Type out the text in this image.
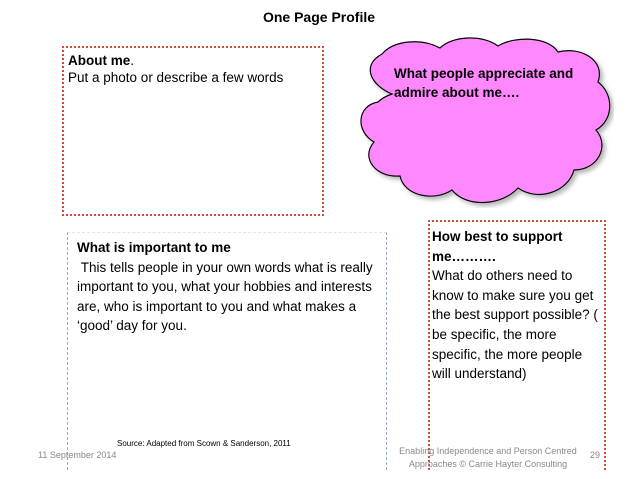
One Page Profile
About me.
Put a photo or describe a few words	What people appreciate and admire about me….
What is important to me
This tells people in your own words what is really important to you, what your hobbies and interests are, who is important to you and what makes a ‘good’ day for you.
How best to support me……….
What do others need to know to make sure you get the best support possible? ( be specific, the more specific, the more people will understand)
Source: Adapted from Scown & Sanderson, 2011
11 September 2014	Enabling Independence and Person Centred Approaches © Carrie Hayter Consulting
29
